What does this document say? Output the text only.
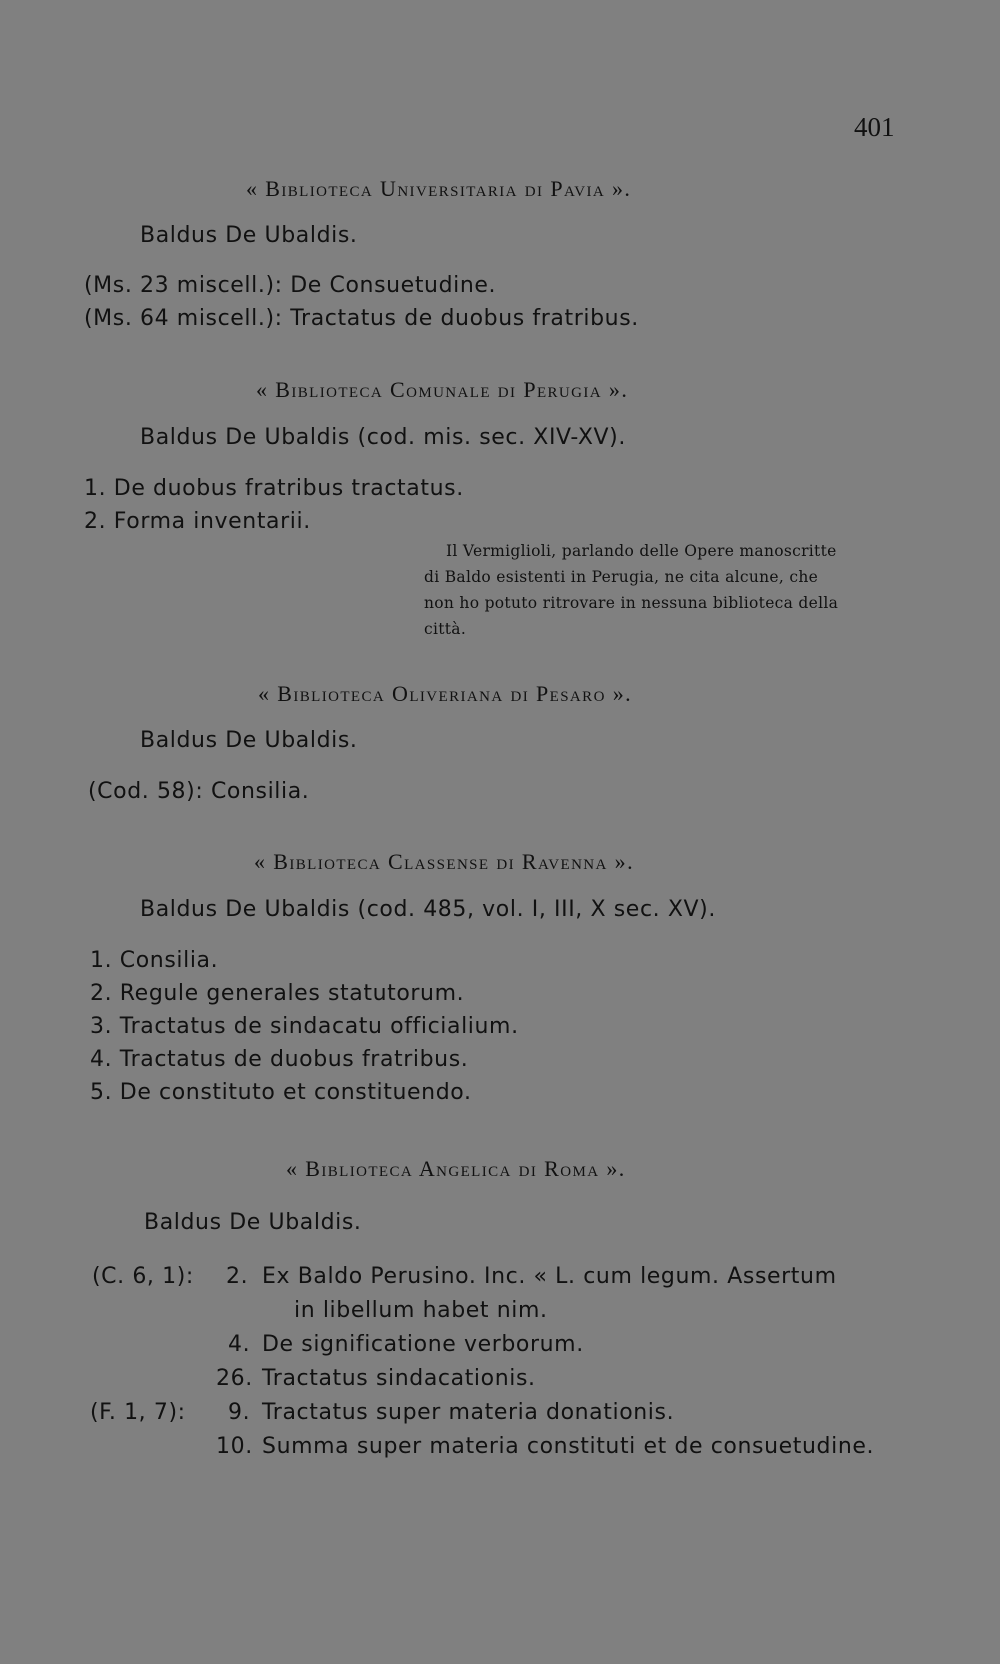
401
« Biblioteca Universitaria di Pavia ».
Baldus De Ubaldis.
(Ms. 23 miscell.): De Consuetudine.
(Ms. 64 miscell.): Tractatus de duobus fratribus.
« Biblioteca Comunale di Perugia ».
Baldus De Ubaldis (cod. mis. sec. XIV-XV).
1. De duobus fratribus tractatus.
2. Forma inventarii.
Il Vermiglioli, parlando delle Opere manoscritte
di Baldo esistenti in Perugia, ne cita alcune, che
non ho potuto ritrovare in nessuna biblioteca della
città.
« Biblioteca Oliveriana di Pesaro ».
Baldus De Ubaldis.
(Cod. 58): Consilia.
« Biblioteca Classense di Ravenna ».
Baldus De Ubaldis (cod. 485, vol. I, III, X sec. XV).
1. Consilia.
2. Regule generales statutorum.
3. Tractatus de sindacatu officialium.
4. Tractatus de duobus fratribus.
5. De constituto et constituendo.
« Biblioteca Angelica di Roma ».
Baldus De Ubaldis.
(C. 6, 1): 2. Ex Baldo Perusino. Inc. « L. cum legum. Assertum
in libellum habet nim.
4. De significatione verborum.
26. Tractatus sindacationis.
(F. 1, 7): 9. Tractatus super materia donationis.
10. Summa super materia constituti et de consuetudine.
